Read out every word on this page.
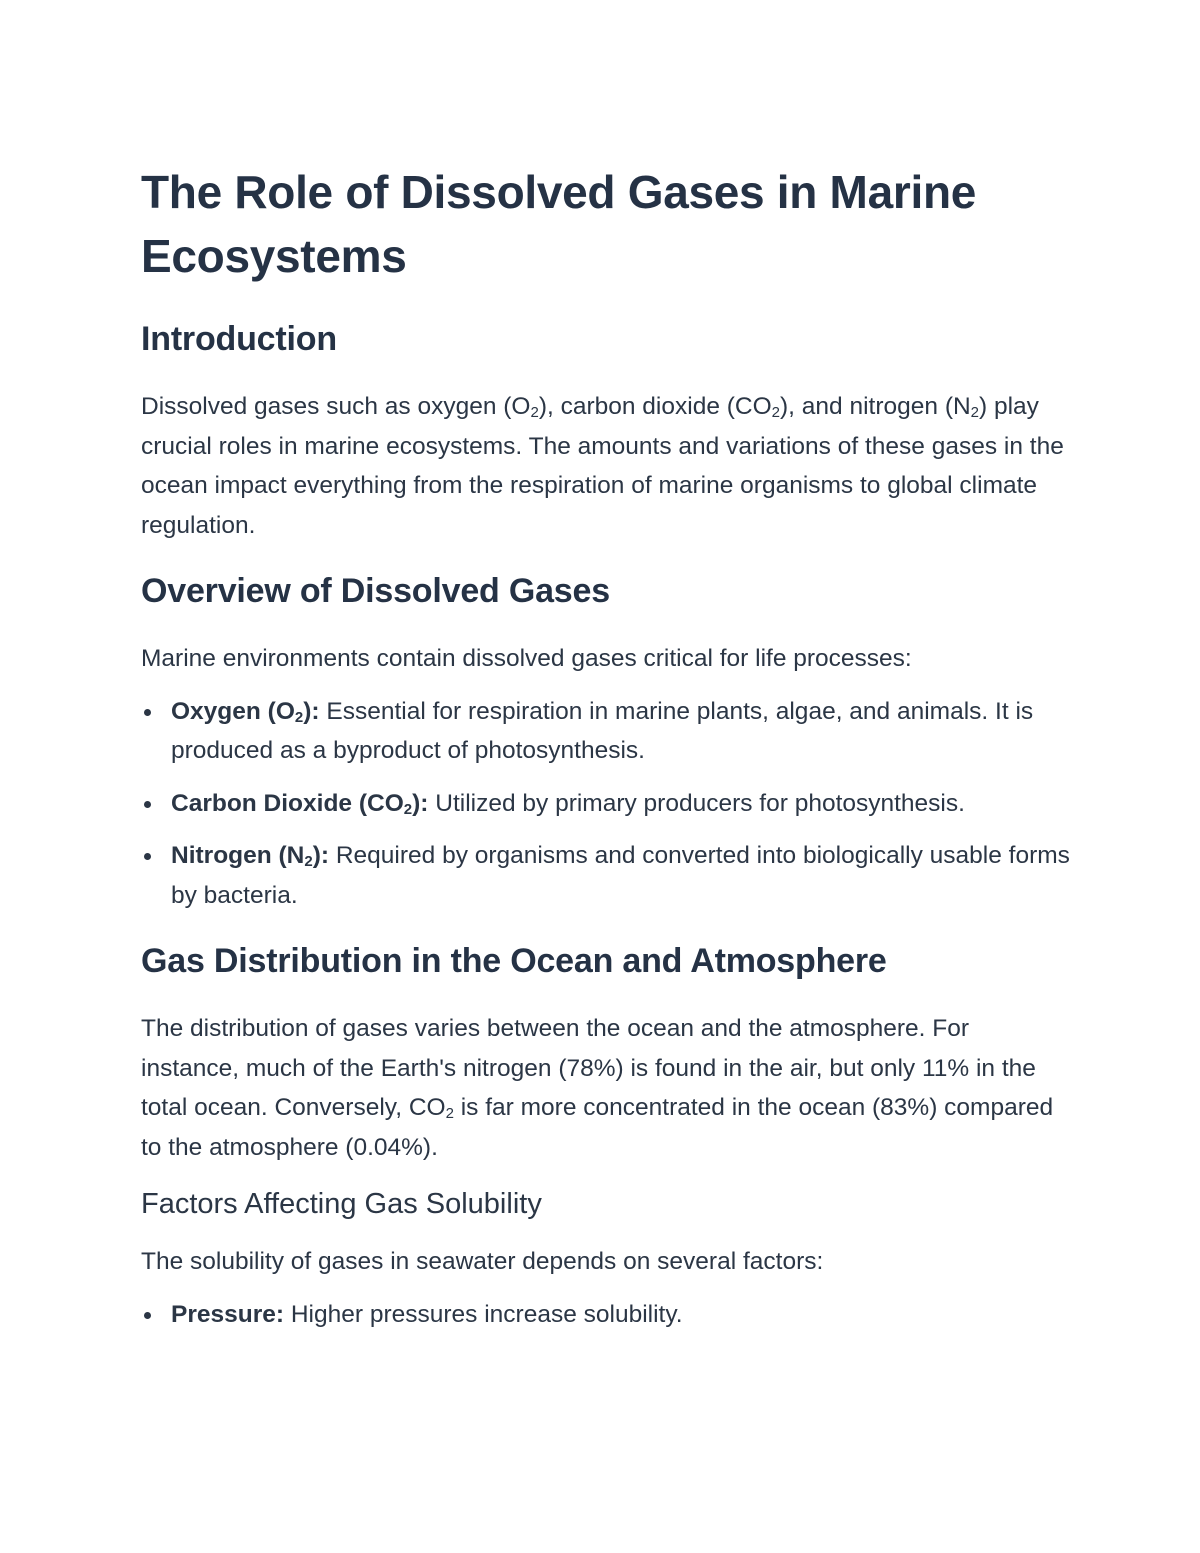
The Role of Dissolved Gases in Marine Ecosystems
Introduction

Dissolved gases such as oxygen $(O_2)$, carbon dioxide $(CO_2)$, and nitrogen $(N_2)$ play crucial roles in marine ecosystems. The amounts and variations of these gases in the ocean impact everything from the respiration of marine organisms to global climate regulation.

Overview of Dissolved Gases

Marine environments contain dissolved gases critical for life processes:

Oxygen $(O_2)$: Essential for respiration in marine plants, algae, and animals. It is produced as a byproduct of photosynthesis.
Carbon Dioxide $(CO_2)$: Utilized by primary producers for photosynthesis.
Nitrogen $(N_2)$: Required by organisms and converted into biologically usable forms by bacteria.
Gas Distribution in the Ocean and Atmosphere

The distribution of gases varies between the ocean and the atmosphere. For instance, much of the Earth's nitrogen (78%) is found in the air, but only 11% in the total ocean. Conversely, $CO_2$ is far more concentrated in the ocean (83%) compared to the atmosphere (0.04%).

Factors Affecting Gas Solubility

The solubility of gases in seawater depends on several factors:

Pressure: Higher pressures increase solubility.
